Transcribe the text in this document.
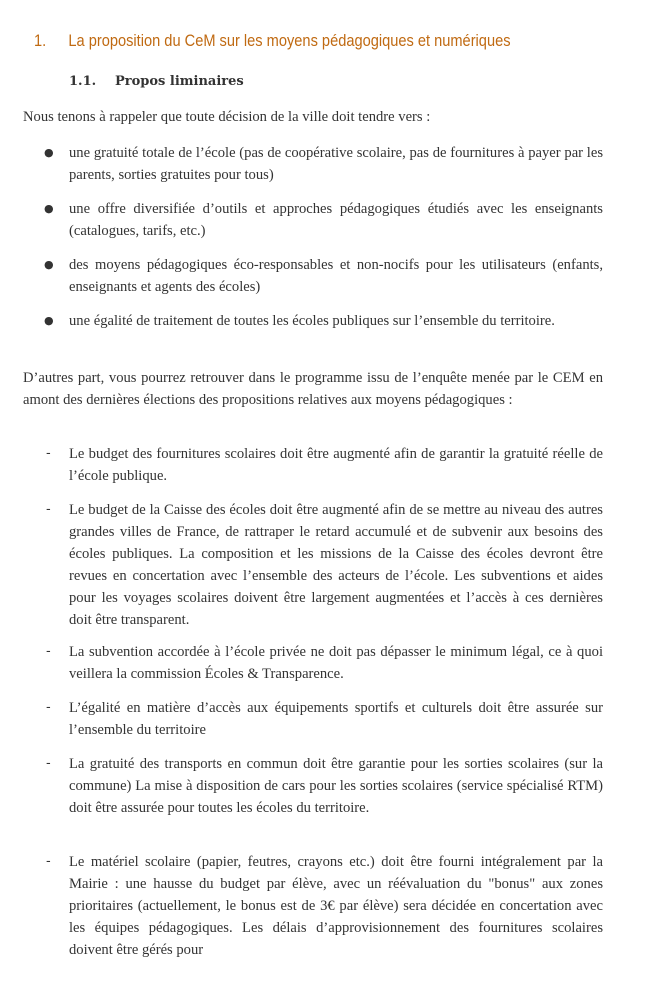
1. La proposition du CeM sur les moyens pédagogiques et numériques
1.1. Propos liminaires
Nous tenons à rappeler que toute décision de la ville doit tendre vers :
● une gratuité totale de l’école (pas de coopérative scolaire, pas de fournitures à payer par les parents, sorties gratuites pour tous)
● une offre diversifiée d’outils et approches pédagogiques étudiés avec les enseignants (catalogues, tarifs, etc.)
● des moyens pédagogiques éco-responsables et non-nocifs pour les utilisateurs (enfants, enseignants et agents des écoles)
● une égalité de traitement de toutes les écoles publiques sur l’ensemble du territoire.
D’autres part, vous pourrez retrouver dans le programme issu de l’enquête menée par le CEM en amont des dernières élections des propositions relatives aux moyens pédagogiques :
- Le budget des fournitures scolaires doit être augmenté afin de garantir la gratuité réelle de l’école publique.
- Le budget de la Caisse des écoles doit être augmenté afin de se mettre au niveau des autres grandes villes de France, de rattraper le retard accumulé et de subvenir aux besoins des écoles publiques. La composition et les missions de la Caisse des écoles devront être revues en concertation avec l’ensemble des acteurs de l’école. Les subventions et aides pour les voyages scolaires doivent être largement augmentées et l’accès à ces dernières doit être transparent.
- La subvention accordée à l’école privée ne doit pas dépasser le minimum légal, ce à quoi veillera la commission Écoles & Transparence.
- L’égalité en matière d’accès aux équipements sportifs et culturels doit être assurée sur l’ensemble du territoire
- La gratuité des transports en commun doit être garantie pour les sorties scolaires (sur la commune) La mise à disposition de cars pour les sorties scolaires (service spécialisé RTM) doit être assurée pour toutes les écoles du territoire.
- Le matériel scolaire (papier, feutres, crayons etc.) doit être fourni intégralement par la Mairie : une hausse du budget par élève, avec un réévaluation du "bonus" aux zones prioritaires (actuellement, le bonus est de 3€ par élève) sera décidée en concertation avec les équipes pédagogiques. Les délais d’approvisionnement des fournitures scolaires doivent être gérés pour
